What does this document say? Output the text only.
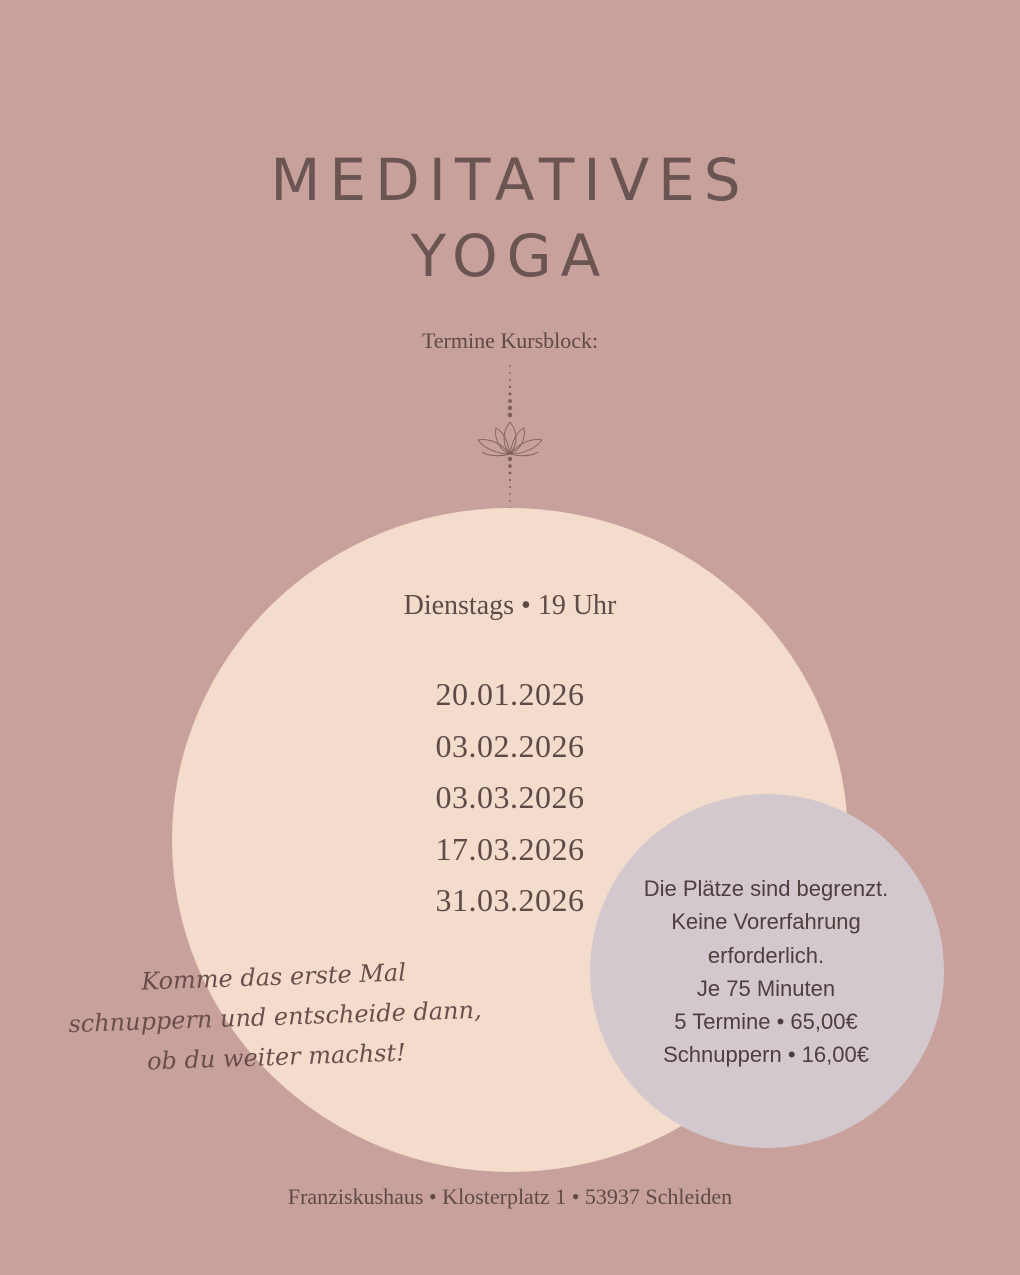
MEDITATIVES
YOGA
Termine Kursblock:
Dienstags • 19 Uhr
20.01.2026
03.02.2026
03.03.2026
17.03.2026
31.03.2026	Die Plätze sind begrenzt.
Keine Vorerfahrung
erforderlich.
Je 75 Minuten
5 Termine • 65,00€
Schnuppern • 16,00€
Komme das erste Mal
schnuppern und entscheide dann,
ob du weiter machst!
Franziskushaus • Klosterplatz 1 • 53937 Schleiden
